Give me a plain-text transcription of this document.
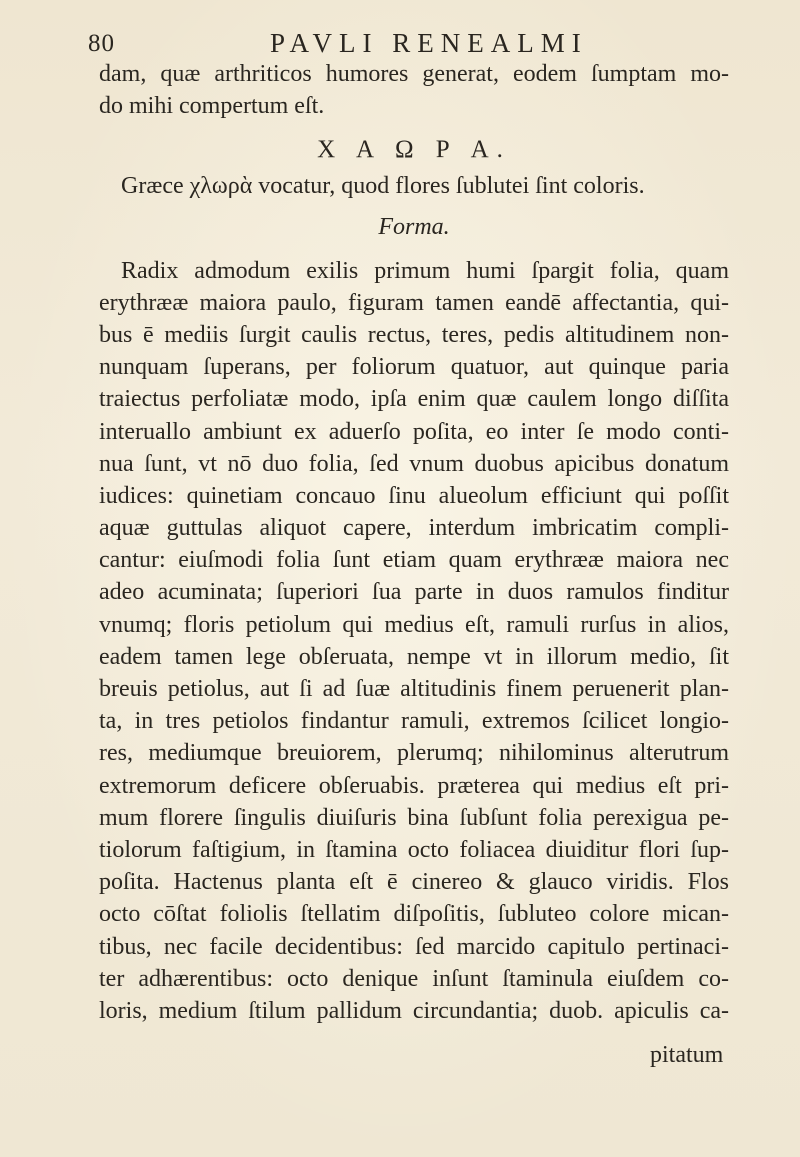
80	PAVLI RENEALMI
dam, quæ arthriticos humores generat, eodem ſumptam mo-
do mihi compertum eſt.
Χ Α Ω Ρ Α.
Græce χλωρὰ vocatur, quod flores ſublutei ſint coloris.
Forma.
Radix admodum exilis primum humi ſpargit folia, quam
erythrææ maiora paulo, figuram tamen eandē affectantia, qui-
bus ē mediis ſurgit caulis rectus, teres, pedis altitudinem non-
nunquam ſuperans, per foliorum quatuor, aut quinque paria
traiectus perfoliatæ modo, ipſa enim quæ caulem longo diſſita
interuallo ambiunt ex aduerſo poſita, eo inter ſe modo conti-
nua ſunt, vt nō duo folia, ſed vnum duobus apicibus donatum
iudices: quinetiam concauo ſinu alueolum efficiunt qui poſſit
aquæ guttulas aliquot capere, interdum imbricatim compli-
cantur: eiuſmodi folia ſunt etiam quam erythrææ maiora nec
adeo acuminata; ſuperiori ſua parte in duos ramulos finditur
vnumq; floris petiolum qui medius eſt, ramuli rurſus in alios,
eadem tamen lege obſeruata, nempe vt in illorum medio, ſit
breuis petiolus, aut ſi ad ſuæ altitudinis finem peruenerit plan-
ta, in tres petiolos findantur ramuli, extremos ſcilicet longio-
res, mediumque breuiorem, plerumq; nihilominus alterutrum
extremorum deficere obſeruabis. præterea qui medius eſt pri-
mum florere ſingulis diuiſuris bina ſubſunt folia perexigua pe-
tiolorum faſtigium, in ſtamina octo foliacea diuiditur flori ſup-
poſita. Hactenus planta eſt ē cinereo & glauco viridis. Flos
octo cōſtat foliolis ſtellatim diſpoſitis, ſubluteo colore mican-
tibus, nec facile decidentibus: ſed marcido capitulo pertinaci-
ter adhærentibus: octo denique inſunt ſtaminula eiuſdem co-
loris, medium ſtilum pallidum circundantia; duob. apiculis ca-
pitatum
